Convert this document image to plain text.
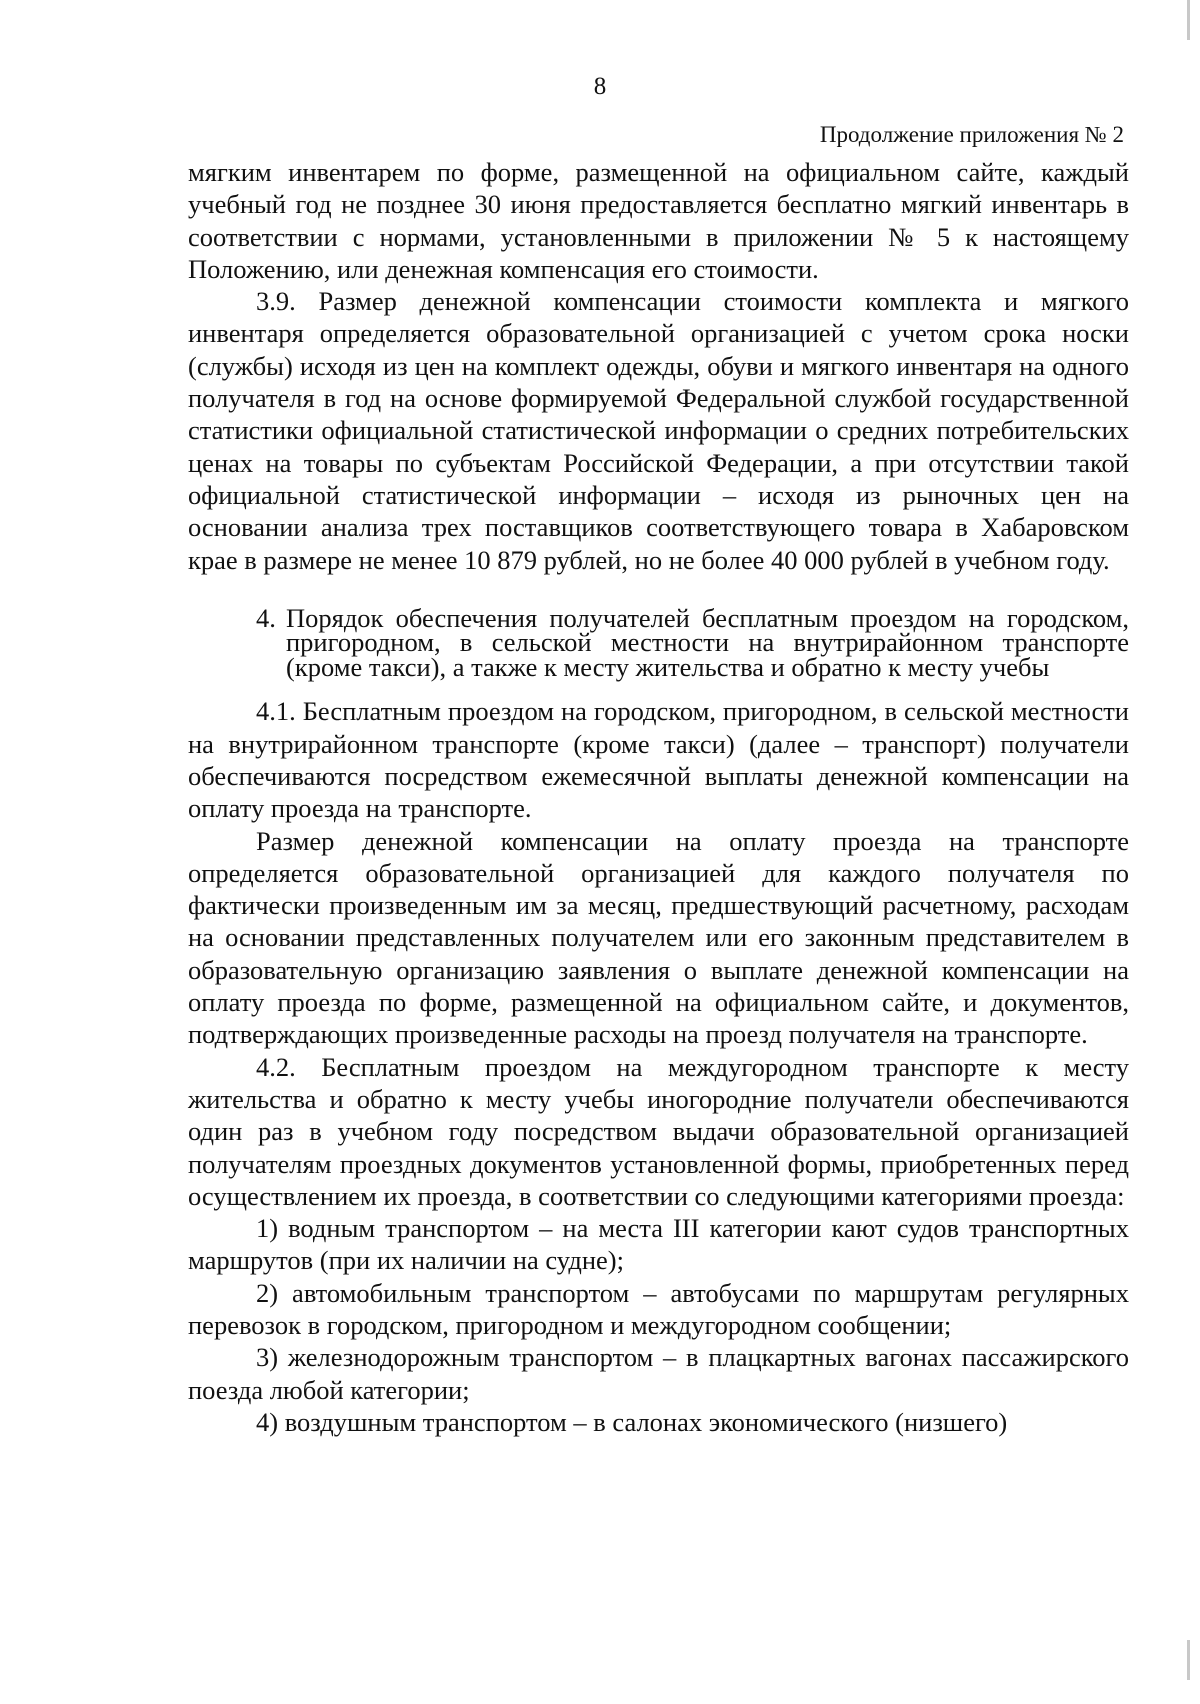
8
Продолжение приложения № 2

мягким инвентарем по форме, размещенной на официальном сайте, каждый учебный год не позднее 30 июня предоставляется бесплатно мягкий инвентарь в соответствии с нормами, установленными в приложении № 5 к настоящему Положению, или денежная компенсация его стоимости.

3.9. Размер денежной компенсации стоимости комплекта и мягкого инвентаря определяется образовательной организацией с учетом срока носки (службы) исходя из цен на комплект одежды, обуви и мягкого инвентаря на одного получателя в год на основе формируемой Федеральной службой государственной статистики официальной статистической информации о средних потребительских ценах на товары по субъектам Российской Федерации, а при отсутствии такой официальной статистической информации – исходя из рыночных цен на основании анализа трех поставщиков соответствующего товара в Хабаровском крае в размере не менее 10 879 рублей, но не более 40 000 рублей в учебном году.

4. Порядок обеспечения получателей бесплатным проездом на городском, пригородном, в сельской местности на внутрирайонном транспорте (кроме такси), а также к месту жительства и обратно к месту учебы

4.1. Бесплатным проездом на городском, пригородном, в сельской местности на внутрирайонном транспорте (кроме такси) (далее – транспорт) получатели обеспечиваются посредством ежемесячной выплаты денежной компенсации на оплату проезда на транспорте.

Размер денежной компенсации на оплату проезда на транспорте определяется образовательной организацией для каждого получателя по фактически произведенным им за месяц, предшествующий расчетному, расходам на основании представленных получателем или его законным представителем в образовательную организацию заявления о выплате денежной компенсации на оплату проезда по форме, размещенной на официальном сайте, и документов, подтверждающих произведенные расходы на проезд получателя на транспорте.

4.2. Бесплатным проездом на междугородном транспорте к месту жительства и обратно к месту учебы иногородние получатели обеспечиваются один раз в учебном году посредством выдачи образовательной организацией получателям проездных документов установленной формы, приобретенных перед осуществлением их проезда, в соответствии со следующими категориями проезда:

1) водным транспортом – на места III категории кают судов транспортных маршрутов (при их наличии на судне);

2) автомобильным транспортом – автобусами по маршрутам регулярных перевозок в городском, пригородном и междугородном сообщении;

3) железнодорожным транспортом – в плацкартных вагонах пассажирского поезда любой категории;

4) воздушным транспортом – в салонах экономического (низшего)
